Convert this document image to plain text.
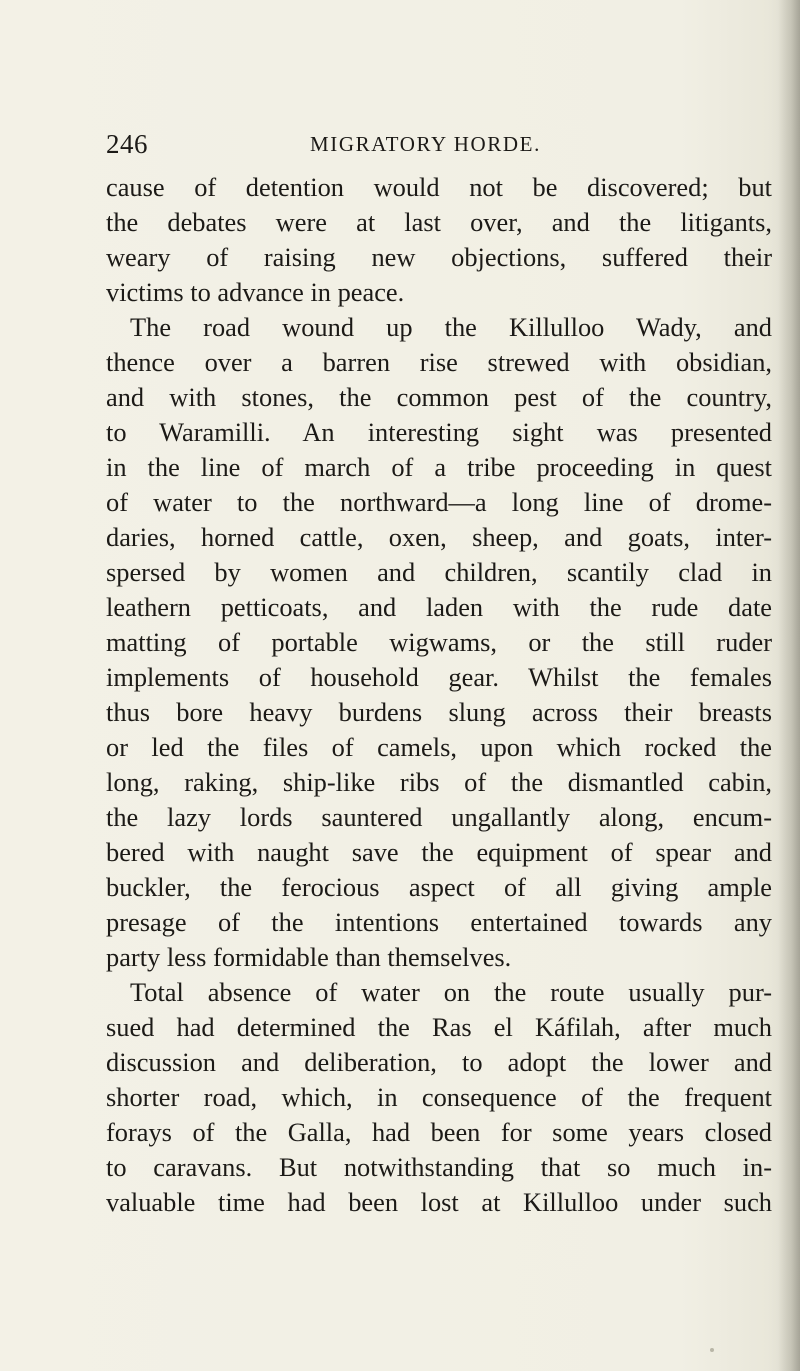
246	MIGRATORY HORDE.
cause of detention would not be discovered; but
the debates were at last over, and the litigants,
weary of raising new objections, suffered their
victims to advance in peace.
The road wound up the Killulloo Wady, and
thence over a barren rise strewed with obsidian,
and with stones, the common pest of the country,
to Waramilli. An interesting sight was presented
in the line of march of a tribe proceeding in quest
of water to the northward—a long line of drome-
daries, horned cattle, oxen, sheep, and goats, inter-
spersed by women and children, scantily clad in
leathern petticoats, and laden with the rude date
matting of portable wigwams, or the still ruder
implements of household gear. Whilst the females
thus bore heavy burdens slung across their breasts
or led the files of camels, upon which rocked the
long, raking, ship-like ribs of the dismantled cabin,
the lazy lords sauntered ungallantly along, encum-
bered with naught save the equipment of spear and
buckler, the ferocious aspect of all giving ample
presage of the intentions entertained towards any
party less formidable than themselves.
Total absence of water on the route usually pur-
sued had determined the Ras el Káfilah, after much
discussion and deliberation, to adopt the lower and
shorter road, which, in consequence of the frequent
forays of the Galla, had been for some years closed
to caravans. But notwithstanding that so much in-
valuable time had been lost at Killulloo under such
